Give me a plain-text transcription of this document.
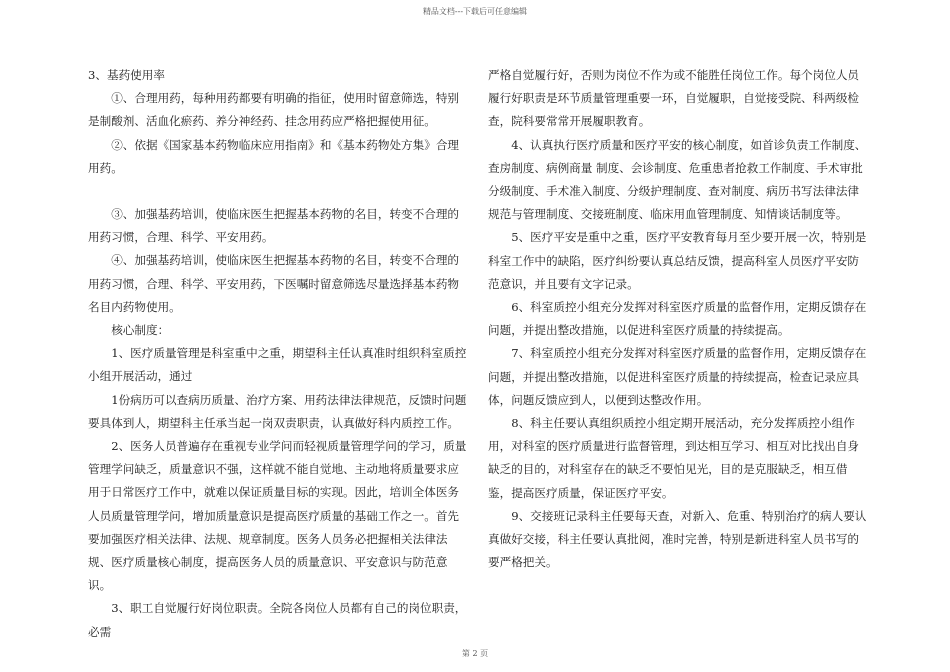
精品文档---下载后可任意编辑
3、基药使用率
①、合理用药，每种用药都要有明确的指征，使用时留意筛选，特别是制酸剂、活血化瘀药、养分神经药、挂念用药应严格把握使用征。
②、依据《国家基本药物临床应用指南》和《基本药物处方集》合理用药。
③、加强基药培训，使临床医生把握基本药物的名目，转变不合理的用药习惯，合理、科学、平安用药。
④、加强基药培训，使临床医生把握基本药物的名目，转变不合理的用药习惯，合理、科学、平安用药，下医嘱时留意筛选尽量选择基本药物名目内药物使用。
核心制度：
1、医疗质量管理是科室重中之重，期望科主任认真准时组织科室质控小组开展活动，通过
1份病历可以查病历质量、治疗方案、用药法律法律规范，反馈时问题要具体到人，期望科主任承当起一岗双责职责，认真做好科内质控工作。
2、医务人员普遍存在重视专业学问而轻视质量管理学问的学习，质量管理学问缺乏，质量意识不强，这样就不能自觉地、主动地将质量要求应用于日常医疗工作中，就难以保证质量目标的实现。因此，培训全体医务人员质量管理学问，增加质量意识是提高医疗质量的基础工作之一。首先要加强医疗相关法律、法规、规章制度。医务人员务必把握相关法律法规、医疗质量核心制度，提高医务人员的质量意识、平安意识与防范意识。
3、职工自觉履行好岗位职责。全院各岗位人员都有自己的岗位职责，必需
严格自觉履行好，否则为岗位不作为或不能胜任岗位工作。每个岗位人员履行好职责是环节质量管理重要一环，自觉履职，自觉接受院、科两级检查，院科要常常开展履职教育。
4、认真执行医疗质量和医疗平安的核心制度，如首诊负责工作制度、查房制度、病例商量 制度、会诊制度、危重患者抢救工作制度、手术审批分级制度、手术准入制度、分级护理制度、查对制度、病历书写法律法律规范与管理制度、交接班制度、临床用血管理制度、知情谈话制度等。
5、医疗平安是重中之重，医疗平安教育每月至少要开展一次，特别是科室工作中的缺陷，医疗纠纷要认真总结反馈，提高科室人员医疗平安防范意识，并且要有文字记录。
6、科室质控小组充分发挥对科室医疗质量的监督作用，定期反馈存在问题，并提出整改措施，以促进科室医疗质量的持续提高。
7、科室质控小组充分发挥对科室医疗质量的监督作用，定期反馈存在问题，并提出整改措施，以促进科室医疗质量的持续提高，检查记录应具体，问题反馈应到人，以便到达整改作用。
8、科主任要认真组织质控小组定期开展活动，充分发挥质控小组作用，对科室的医疗质量进行监督管理，到达相互学习、相互对比找出自身缺乏的目的，对科室存在的缺乏不要怕见光，目的是克服缺乏，相互借鉴，提高医疗质量，保证医疗平安。
9、交接班记录科主任要每天查，对新入、危重、特别治疗的病人要认真做好交接，科主任要认真批阅，准时完善，特别是新进科室人员书写的要严格把关。
第 2 页
